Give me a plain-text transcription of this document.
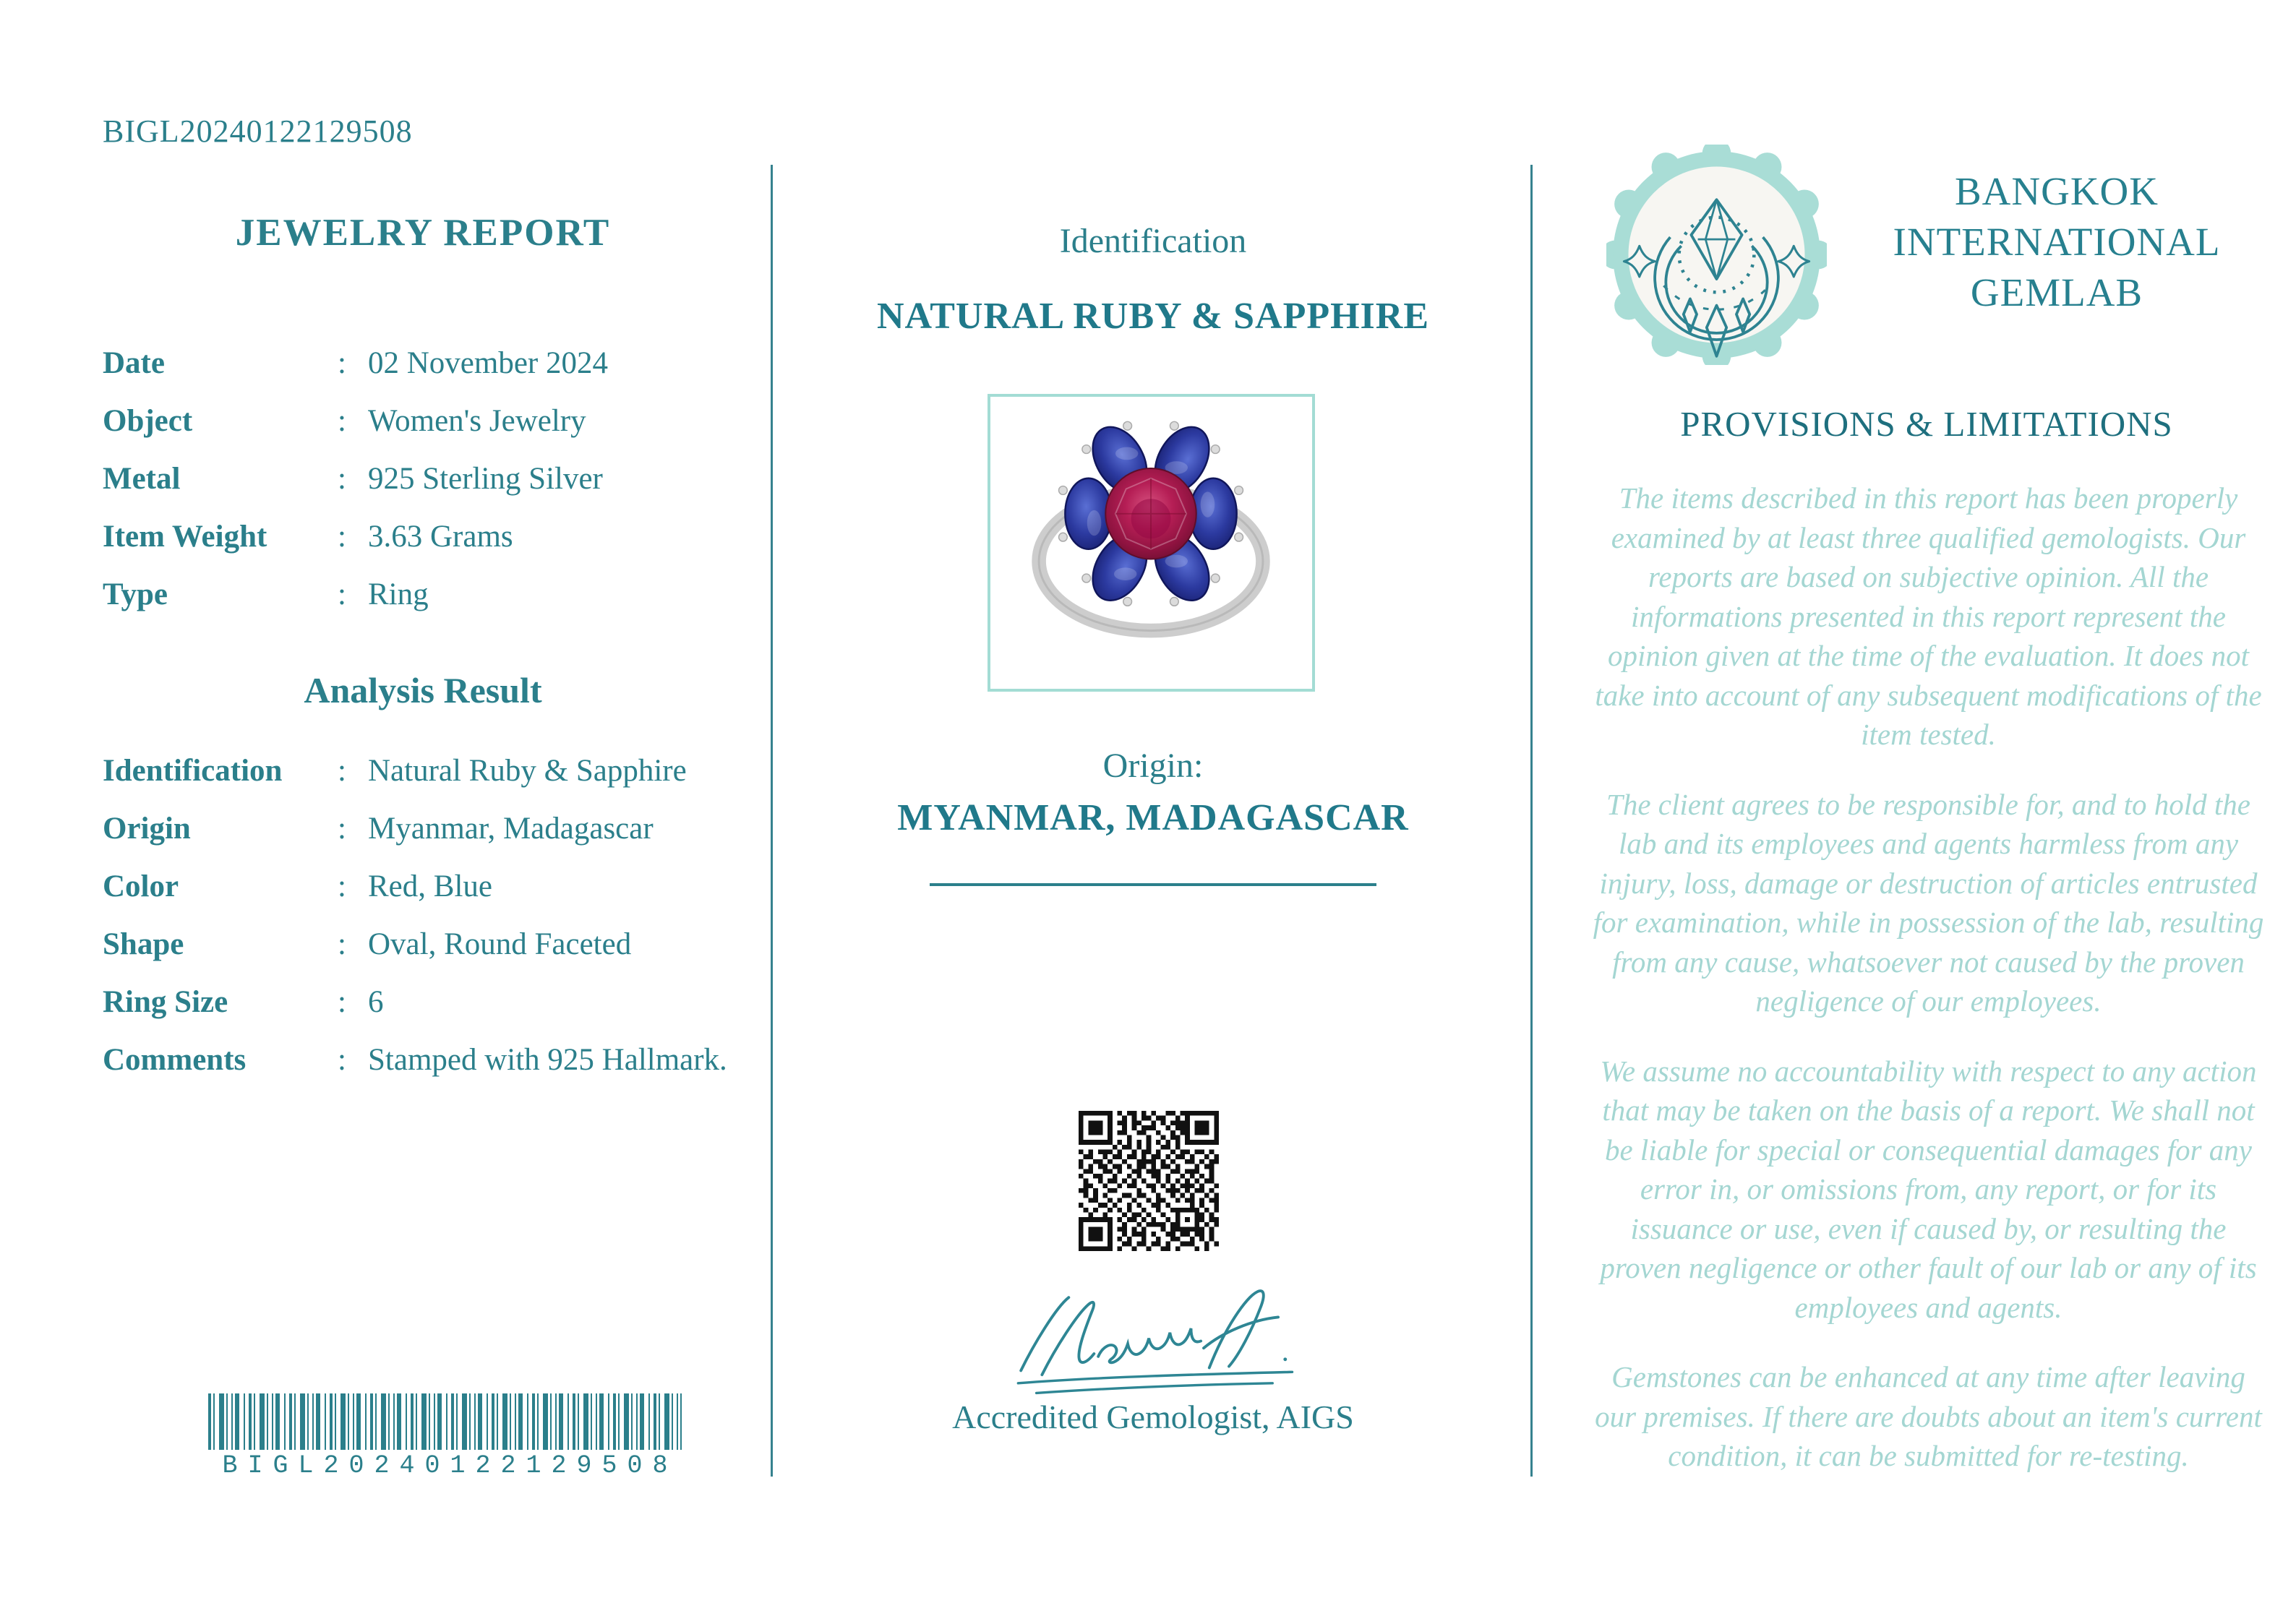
BIGL20240122129508
JEWELRY REPORT
Date	: 02 November 2024
Object	: Women's Jewelry
Metal	: 925 Sterling Silver
Item Weight	: 3.63 Grams
Type	: Ring
Analysis Result
Identification	: Natural Ruby & Sapphire
Origin	: Myanmar, Madagascar
Color	: Red, Blue
Shape	: Oval, Round Faceted
Ring Size	: 6
Comments	: Stamped with 925 Hallmark.
BIGL20240122129508
Identification
NATURAL RUBY & SAPPHIRE
Origin:
MYANMAR, MADAGASCAR
Accredited Gemologist, AIGS
BANGKOK
INTERNATIONAL
GEMLAB
PROVISIONS & LIMITATIONS

The items described in this report has been properly examined by at least three qualified gemologists. Our reports are based on subjective opinion. All the informations presented in this report represent the opinion given at the time of the evaluation. It does not take into account of any subsequent modifications of the item tested.

The client agrees to be responsible for, and to hold the lab and its employees and agents harmless from any injury, loss, damage or destruction of articles entrusted for examination, while in possession of the lab, resulting from any cause, whatsoever not caused by the proven negligence of our employees.

We assume no accountability with respect to any action that may be taken on the basis of a report. We shall not be liable for special or consequential damages for any error in, or omissions from, any report, or for its issuance or use, even if caused by, or resulting the proven negligence or other fault of our lab or any of its employees and agents.

Gemstones can be enhanced at any time after leaving our premises. If there are doubts about an item's current condition, it can be submitted for re-testing.
